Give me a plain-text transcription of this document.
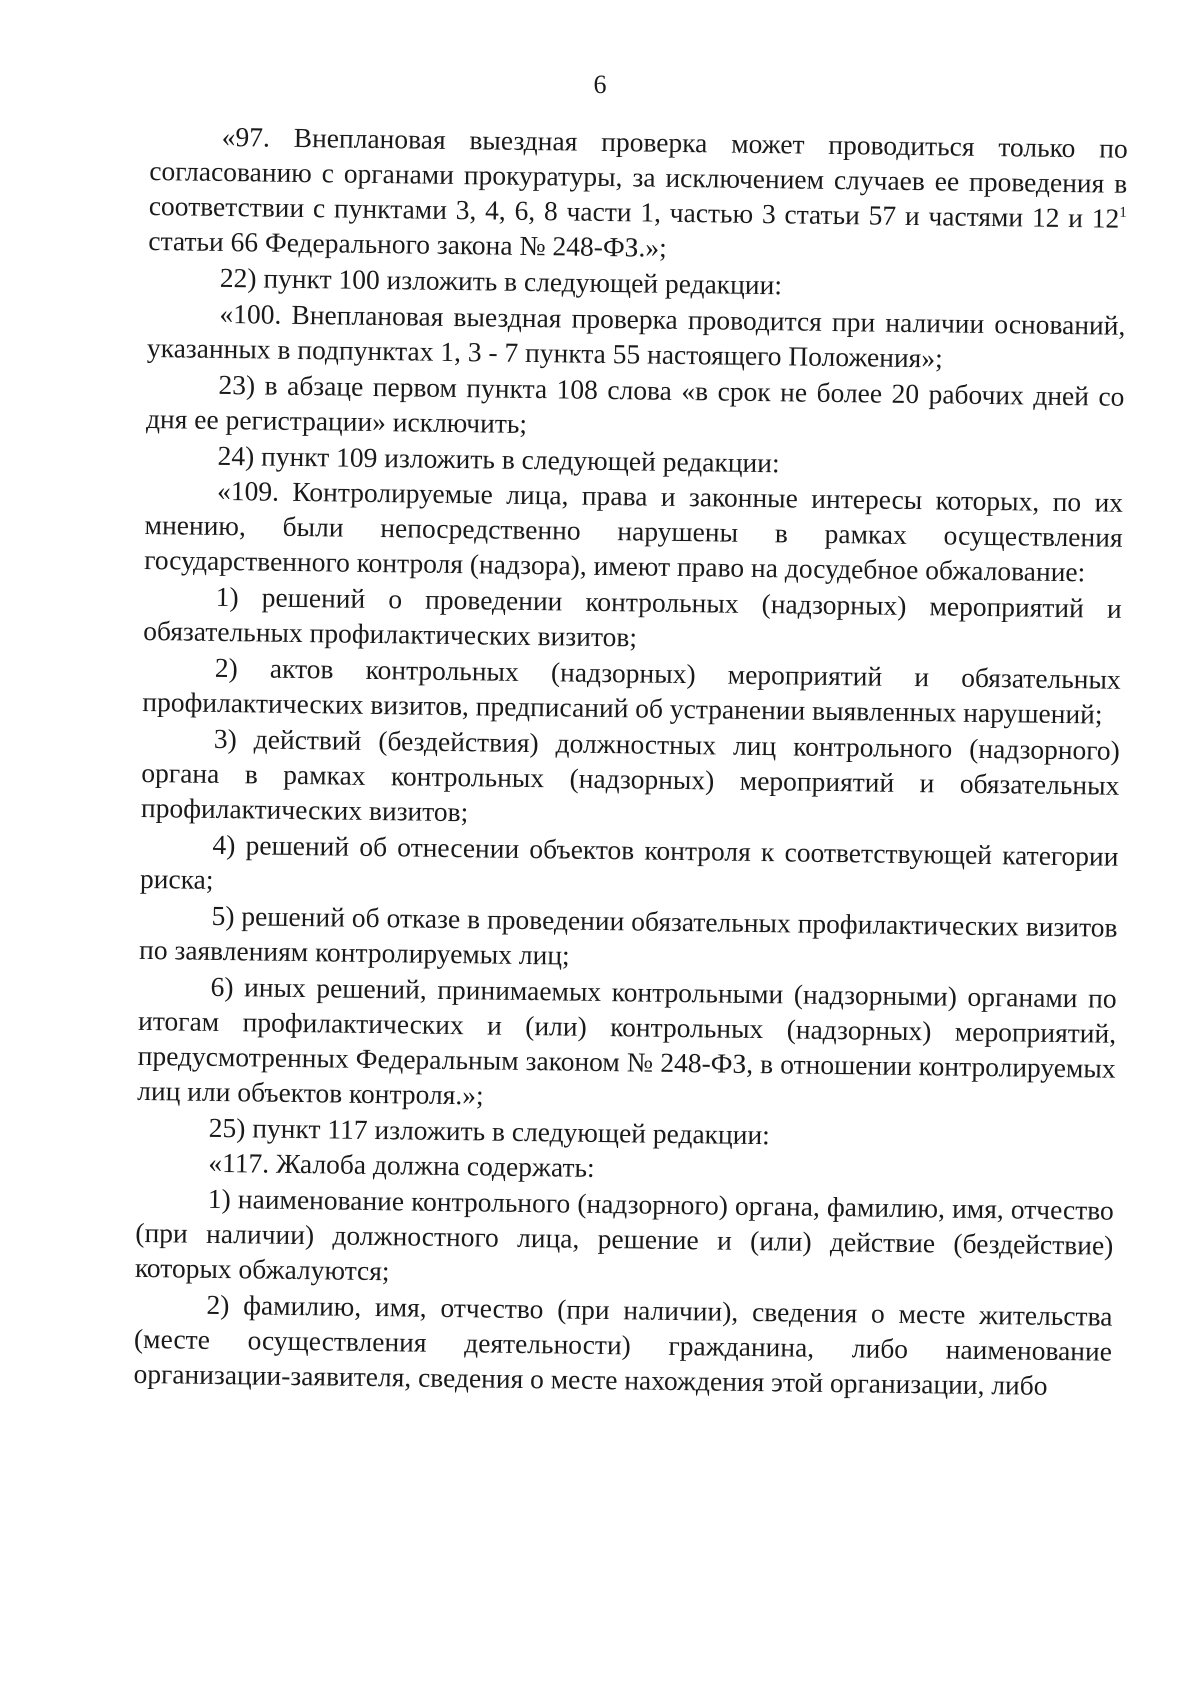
6

«97. Внеплановая выездная проверка может проводиться только по согласованию с органами прокуратуры, за исключением случаев ее проведения в соответствии с пунктами 3, 4, 6, 8 части 1, частью 3 статьи 57 и частями 12 и $12^1$ статьи 66 Федерального закона № 248-ФЗ.»;

22) пункт 100 изложить в следующей редакции:

«100. Внеплановая выездная проверка проводится при наличии оснований, указанных в подпунктах 1, 3 - 7 пункта 55 настоящего Положения»;

23) в абзаце первом пункта 108 слова «в срок не более 20 рабочих дней со дня ее регистрации» исключить;

24) пункт 109 изложить в следующей редакции:

«109. Контролируемые лица, права и законные интересы которых, по их мнению, были непосредственно нарушены в рамках осуществления государственного контроля (надзора), имеют право на досудебное обжалование:

1) решений о проведении контрольных (надзорных) мероприятий и обязательных профилактических визитов;

2) актов контрольных (надзорных) мероприятий и обязательных профилактических визитов, предписаний об устранении выявленных нарушений;

3) действий (бездействия) должностных лиц контрольного (надзорного) органа в рамках контрольных (надзорных) мероприятий и обязательных профилактических визитов;

4) решений об отнесении объектов контроля к соответствующей категории риска;

5) решений об отказе в проведении обязательных профилактических визитов по заявлениям контролируемых лиц;

6) иных решений, принимаемых контрольными (надзорными) органами по итогам профилактических и (или) контрольных (надзорных) мероприятий, предусмотренных Федеральным законом № 248-ФЗ, в отношении контролируемых лиц или объектов контроля.»;

25) пункт 117 изложить в следующей редакции:

«117. Жалоба должна содержать:

1) наименование контрольного (надзорного) органа, фамилию, имя, отчество (при наличии) должностного лица, решение и (или) действие (бездействие) которых обжалуются;

2) фамилию, имя, отчество (при наличии), сведения о месте жительства (месте осуществления деятельности) гражданина, либо наименование организации-заявителя, сведения о месте нахождения этой организации, либо
